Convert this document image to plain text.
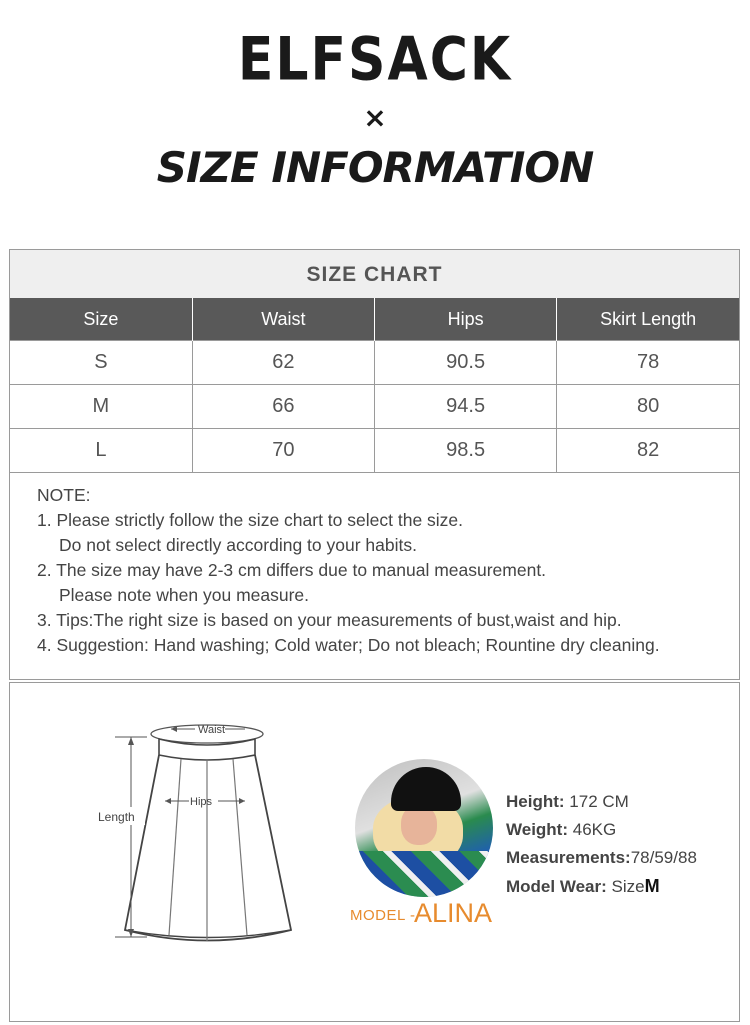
ELFSACK
×
SIZE INFORMATION
SIZE CHART
Size	Waist	Hips	Skirt Length
S	62	90.5	78
M	66	94.5	80
L	70	98.5	82
NOTE:
1. Please strictly follow the size chart to select the size.
Do not select directly according to your habits.
2. The size may have 2-3 cm differs due to manual measurement.
Please note when you measure.
3. Tips:The right size is based on your measurements of bust,waist and hip.
4. Suggestion: Hand washing; Cold water; Do not bleach; Rountine dry cleaning.
Waist
Hips
Length
MODEL -
ALINA
Height: 172 CM
Weight: 46KG
Measurements:78/59/88
Model Wear: SizeM
